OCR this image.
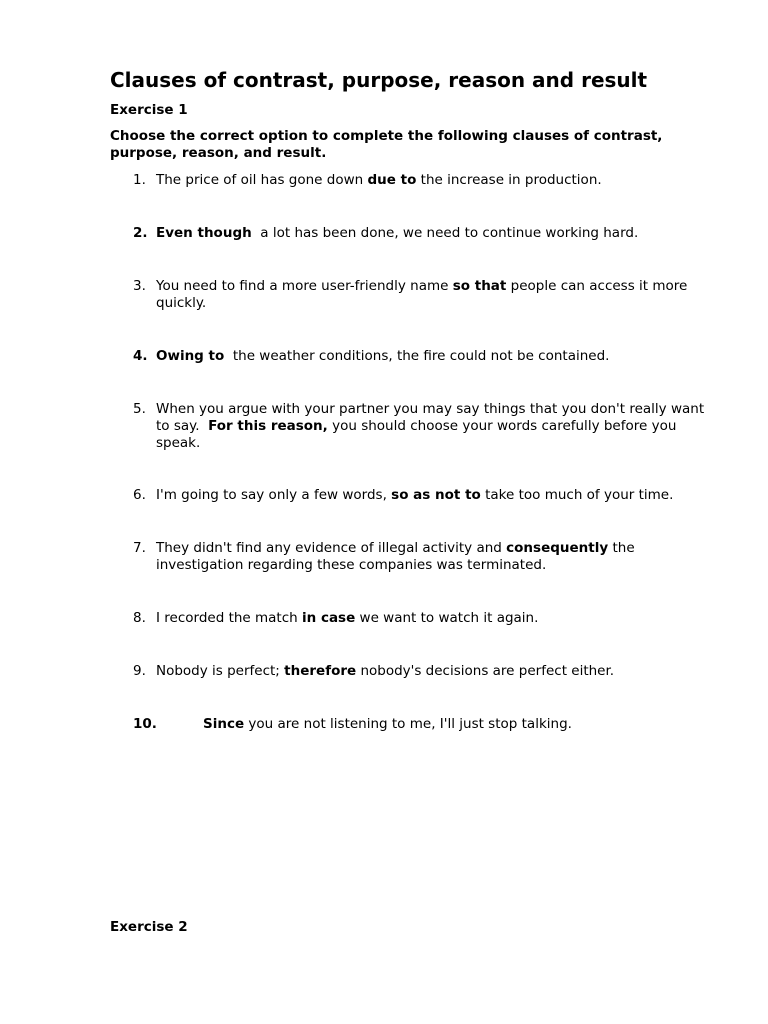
Clauses of contrast, purpose, reason and result

Exercise 1

Choose the correct option to complete the following clauses of contrast, purpose, reason, and result.

1. The price of oil has gone down due to the increase in production.
2. Even though  a lot has been done, we need to continue working hard.
3. You need to find a more user-friendly name so that people can access it more quickly.
4. Owing to  the weather conditions, the fire could not be contained.
5. When you argue with your partner you may say things that you don't really want to say.  For this reason, you should choose your words carefully before you speak.
6. I'm going to say only a few words, so as not to take too much of your time.
7. They didn't find any evidence of illegal activity and consequently the investigation regarding these companies was terminated.
8. I recorded the match in case we want to watch it again.
9. Nobody is perfect; therefore nobody's decisions are perfect either.
10.	Since you are not listening to me, I'll just stop talking.

Exercise 2
